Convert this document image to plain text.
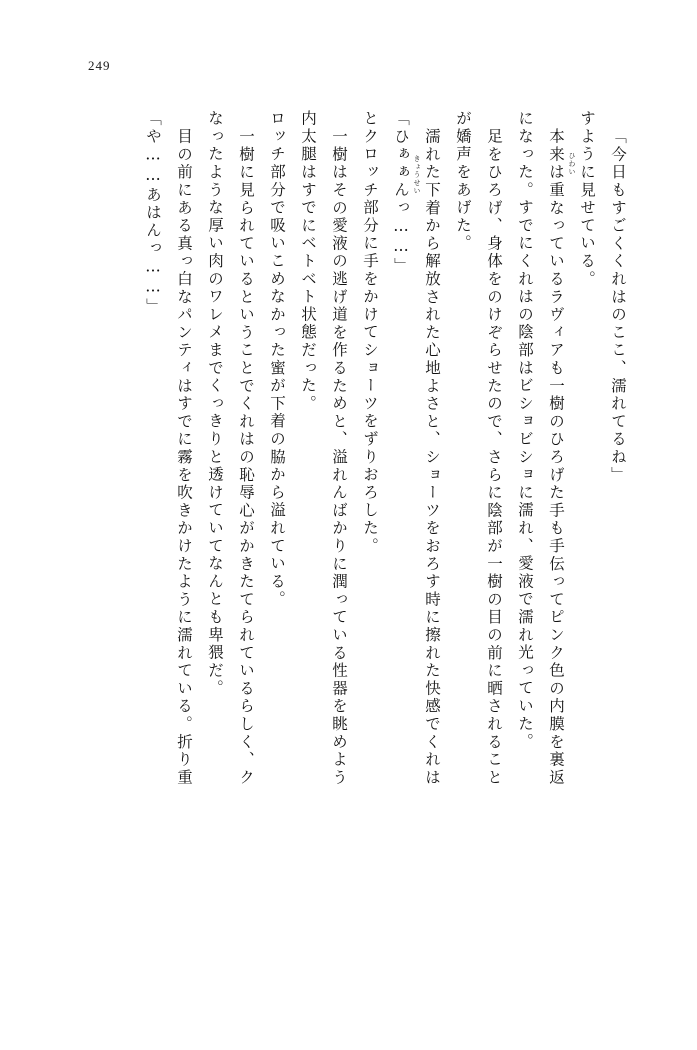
249
「や……あはんっ……」 目の前にある真っ白なパンティはすでに霧を吹きかけたように濡れている。折り重 なったような厚い肉のワレメまでくっきりと透けていてなんとも卑猥だ。 一樹に見られているということでくれはの恥辱心がかきたてられているらしく、ク ロッチ部分で吸いこめなかった蜜が下着の脇から溢れている。 内太腿はすでにベトベト状態だった。 一樹はその愛液の逃げ道を作るためと、溢れんばかりに潤っている性器を眺めよう とクロッチ部分に手をかけてショーツをずりおろした。 「ひぁぁんっ……」 濡れた下着から解放された心地よさと、ショーツをおろす時に擦れた快感でくれは が嬌声をあげた。 足をひろげ、身体をのけぞらせたので、さらに陰部が一樹の目の前に晒されること になった。すでにくれはの陰部はビショビショに濡れ、愛液で濡れ光っていた。 本来は重なっているラヴィアも一樹のひろげた手も手伝ってピンク色の内膜を裏返 すように見せている。 「今日もすごくくれはのここ、濡れてるね」
ひわい
きょうせい
